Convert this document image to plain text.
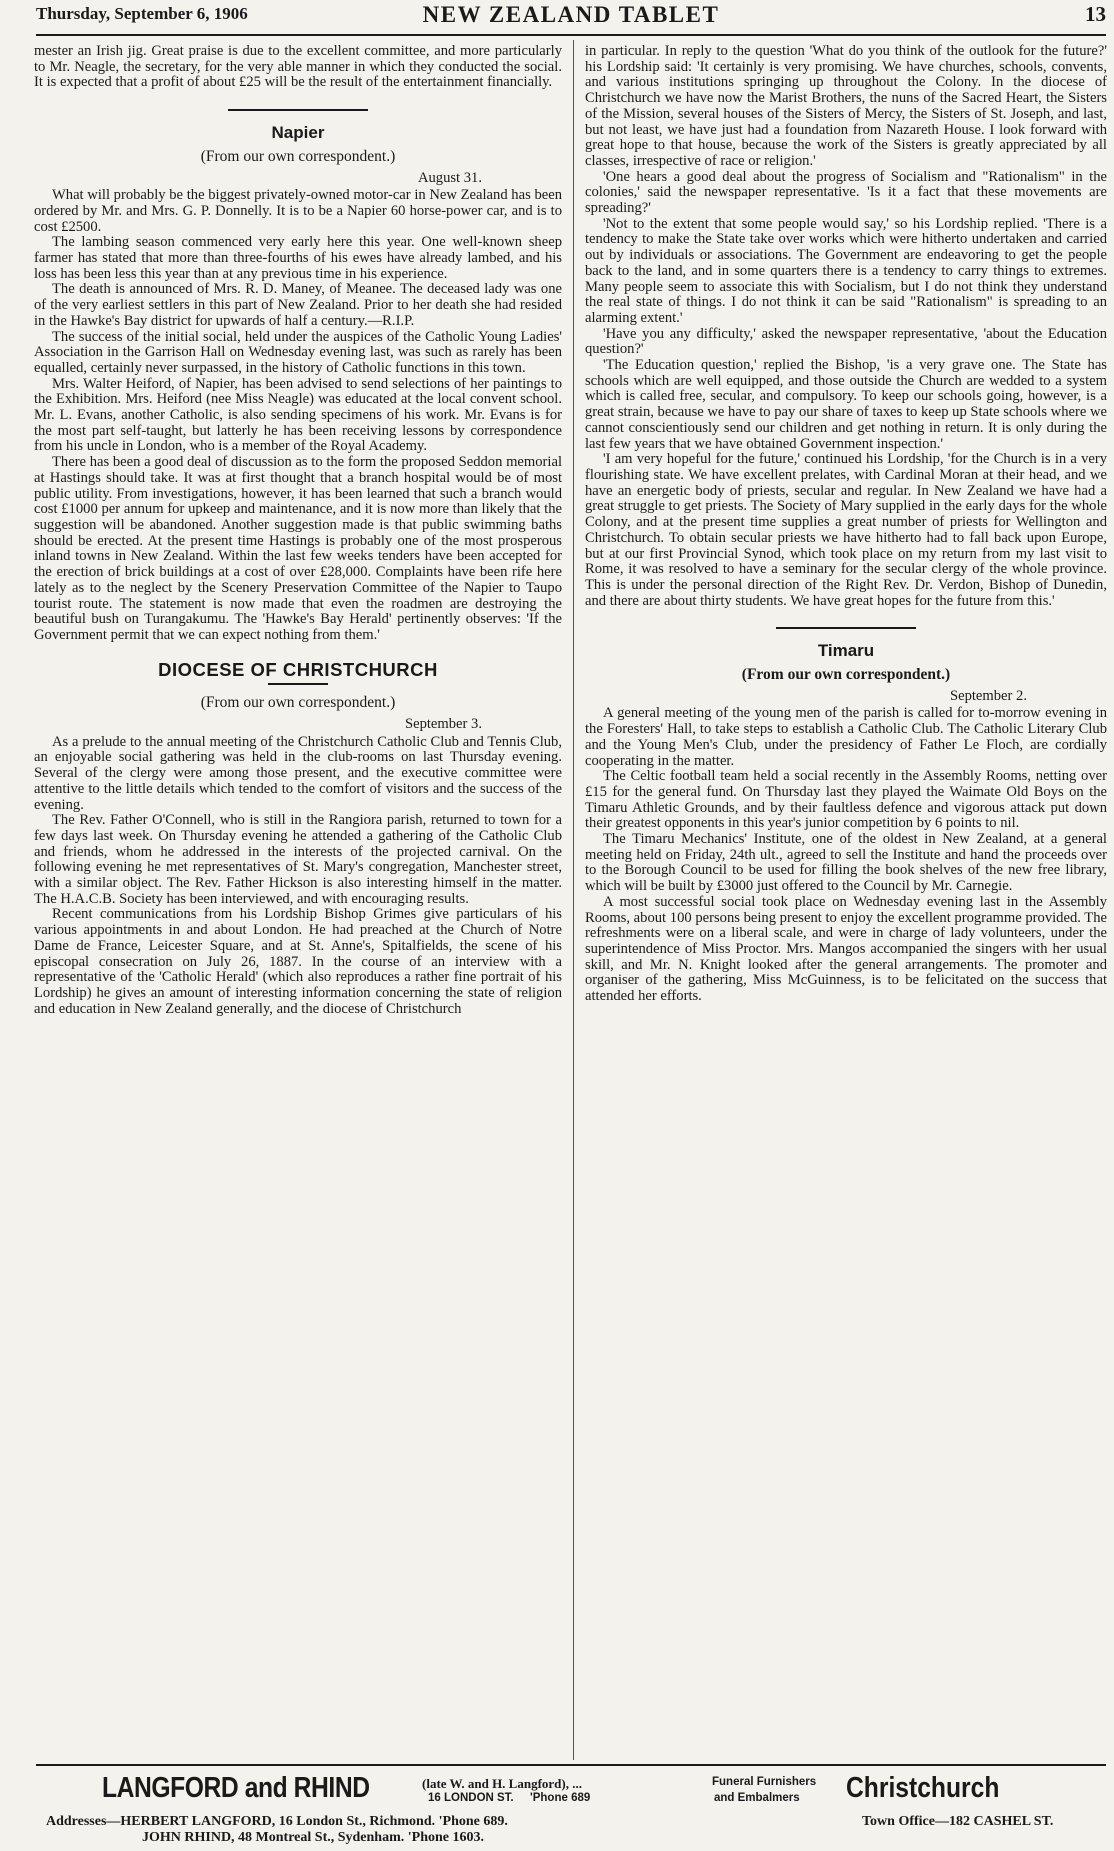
Thursday, September 6, 1906	NEW ZEALAND TABLET	13

mester an Irish jig. Great praise is due to the excellent committee, and more particularly to Mr. Neagle, the secretary, for the very able manner in which they conducted the social. It is expected that a profit of about £25 will be the result of the entertainment financially.

Napier
(From our own correspondent.)
August 31.

What will probably be the biggest privately-owned motor-car in New Zealand has been ordered by Mr. and Mrs. G. P. Donnelly. It is to be a Napier 60 horse-power car, and is to cost £2500.

The lambing season commenced very early here this year. One well-known sheep farmer has stated that more than three-fourths of his ewes have already lambed, and his loss has been less this year than at any previous time in his experience.

The death is announced of Mrs. R. D. Maney, of Meanee. The deceased lady was one of the very earliest settlers in this part of New Zealand. Prior to her death she had resided in the Hawke's Bay district for upwards of half a century.—R.I.P.

The success of the initial social, held under the auspices of the Catholic Young Ladies' Association in the Garrison Hall on Wednesday evening last, was such as rarely has been equalled, certainly never surpassed, in the history of Catholic functions in this town.

Mrs. Walter Heiford, of Napier, has been advised to send selections of her paintings to the Exhibition. Mrs. Heiford (nee Miss Neagle) was educated at the local convent school. Mr. L. Evans, another Catholic, is also sending specimens of his work. Mr. Evans is for the most part self-taught, but latterly he has been receiving lessons by correspondence from his uncle in London, who is a member of the Royal Academy.

There has been a good deal of discussion as to the form the proposed Seddon memorial at Hastings should take. It was at first thought that a branch hospital would be of most public utility. From investigations, however, it has been learned that such a branch would cost £1000 per annum for upkeep and maintenance, and it is now more than likely that the suggestion will be abandoned. Another suggestion made is that public swimming baths should be erected. At the present time Hastings is probably one of the most prosperous inland towns in New Zealand. Within the last few weeks tenders have been accepted for the erection of brick buildings at a cost of over £28,000. Complaints have been rife here lately as to the neglect by the Scenery Preservation Committee of the Napier to Taupo tourist route. The statement is now made that even the roadmen are destroying the beautiful bush on Turangakumu. The 'Hawke's Bay Herald' pertinently observes: 'If the Government permit that we can expect nothing from them.'

DIOCESE OF CHRISTCHURCH
(From our own correspondent.)
September 3.

As a prelude to the annual meeting of the Christchurch Catholic Club and Tennis Club, an enjoyable social gathering was held in the club-rooms on last Thursday evening. Several of the clergy were among those present, and the executive committee were attentive to the little details which tended to the comfort of visitors and the success of the evening.

The Rev. Father O'Connell, who is still in the Rangiora parish, returned to town for a few days last week. On Thursday evening he attended a gathering of the Catholic Club and friends, whom he addressed in the interests of the projected carnival. On the following evening he met representatives of St. Mary's congregation, Manchester street, with a similar object. The Rev. Father Hickson is also interesting himself in the matter. The H.A.C.B. Society has been interviewed, and with encouraging results.

Recent communications from his Lordship Bishop Grimes give particulars of his various appointments in and about London. He had preached at the Church of Notre Dame de France, Leicester Square, and at St. Anne's, Spitalfields, the scene of his episcopal consecration on July 26, 1887. In the course of an interview with a representative of the 'Catholic Herald' (which also reproduces a rather fine portrait of his Lordship) he gives an amount of interesting information concerning the state of religion and education in New Zealand generally, and the diocese of Christchurch

in particular. In reply to the question 'What do you think of the outlook for the future?' his Lordship said: 'It certainly is very promising. We have churches, schools, convents, and various institutions springing up throughout the Colony. In the diocese of Christchurch we have now the Marist Brothers, the nuns of the Sacred Heart, the Sisters of the Mission, several houses of the Sisters of Mercy, the Sisters of St. Joseph, and last, but not least, we have just had a foundation from Nazareth House. I look forward with great hope to that house, because the work of the Sisters is greatly appreciated by all classes, irrespective of race or religion.'

'One hears a good deal about the progress of Socialism and "Rationalism" in the colonies,' said the newspaper representative. 'Is it a fact that these movements are spreading?'

'Not to the extent that some people would say,' so his Lordship replied. 'There is a tendency to make the State take over works which were hitherto undertaken and carried out by individuals or associations. The Government are endeavoring to get the people back to the land, and in some quarters there is a tendency to carry things to extremes. Many people seem to associate this with Socialism, but I do not think they understand the real state of things. I do not think it can be said "Rationalism" is spreading to an alarming extent.'

'Have you any difficulty,' asked the newspaper representative, 'about the Education question?'

'The Education question,' replied the Bishop, 'is a very grave one. The State has schools which are well equipped, and those outside the Church are wedded to a system which is called free, secular, and compulsory. To keep our schools going, however, is a great strain, because we have to pay our share of taxes to keep up State schools where we cannot conscientiously send our children and get nothing in return. It is only during the last few years that we have obtained Government inspection.'

'I am very hopeful for the future,' continued his Lordship, 'for the Church is in a very flourishing state. We have excellent prelates, with Cardinal Moran at their head, and we have an energetic body of priests, secular and regular. In New Zealand we have had a great struggle to get priests. The Society of Mary supplied in the early days for the whole Colony, and at the present time supplies a great number of priests for Wellington and Christchurch. To obtain secular priests we have hitherto had to fall back upon Europe, but at our first Provincial Synod, which took place on my return from my last visit to Rome, it was resolved to have a seminary for the secular clergy of the whole province. This is under the personal direction of the Right Rev. Dr. Verdon, Bishop of Dunedin, and there are about thirty students. We have great hopes for the future from this.'

Timaru
(From our own correspondent.)
September 2.

A general meeting of the young men of the parish is called for to-morrow evening in the Foresters' Hall, to take steps to establish a Catholic Club. The Catholic Literary Club and the Young Men's Club, under the presidency of Father Le Floch, are cordially cooperating in the matter.

The Celtic football team held a social recently in the Assembly Rooms, netting over £15 for the general fund. On Thursday last they played the Waimate Old Boys on the Timaru Athletic Grounds, and by their faultless defence and vigorous attack put down their greatest opponents in this year's junior competition by 6 points to nil.

The Timaru Mechanics' Institute, one of the oldest in New Zealand, at a general meeting held on Friday, 24th ult., agreed to sell the Institute and hand the proceeds over to the Borough Council to be used for filling the book shelves of the new free library, which will be built by £3000 just offered to the Council by Mr. Carnegie.

A most successful social took place on Wednesday evening last in the Assembly Rooms, about 100 persons being present to enjoy the excellent programme provided. The refreshments were on a liberal scale, and were in charge of lady volunteers, under the superintendence of Miss Proctor. Mrs. Mangos accompanied the singers with her usual skill, and Mr. N. Knight looked after the general arrangements. The promoter and organiser of the gathering, Miss McGuinness, is to be felicitated on the success that attended her efforts.

LANGFORD and RHIND	(late W. and H. Langford), ...
16 LONDON ST. 'Phone 689
Funeral Furnishers
and Embalmers Christchurch
Addresses—HERBERT LANGFORD, 16 London St., Richmond. 'Phone 689.
JOHN RHIND, 48 Montreal St., Sydenham. 'Phone 1603.
Town Office—182 CASHEL ST.
